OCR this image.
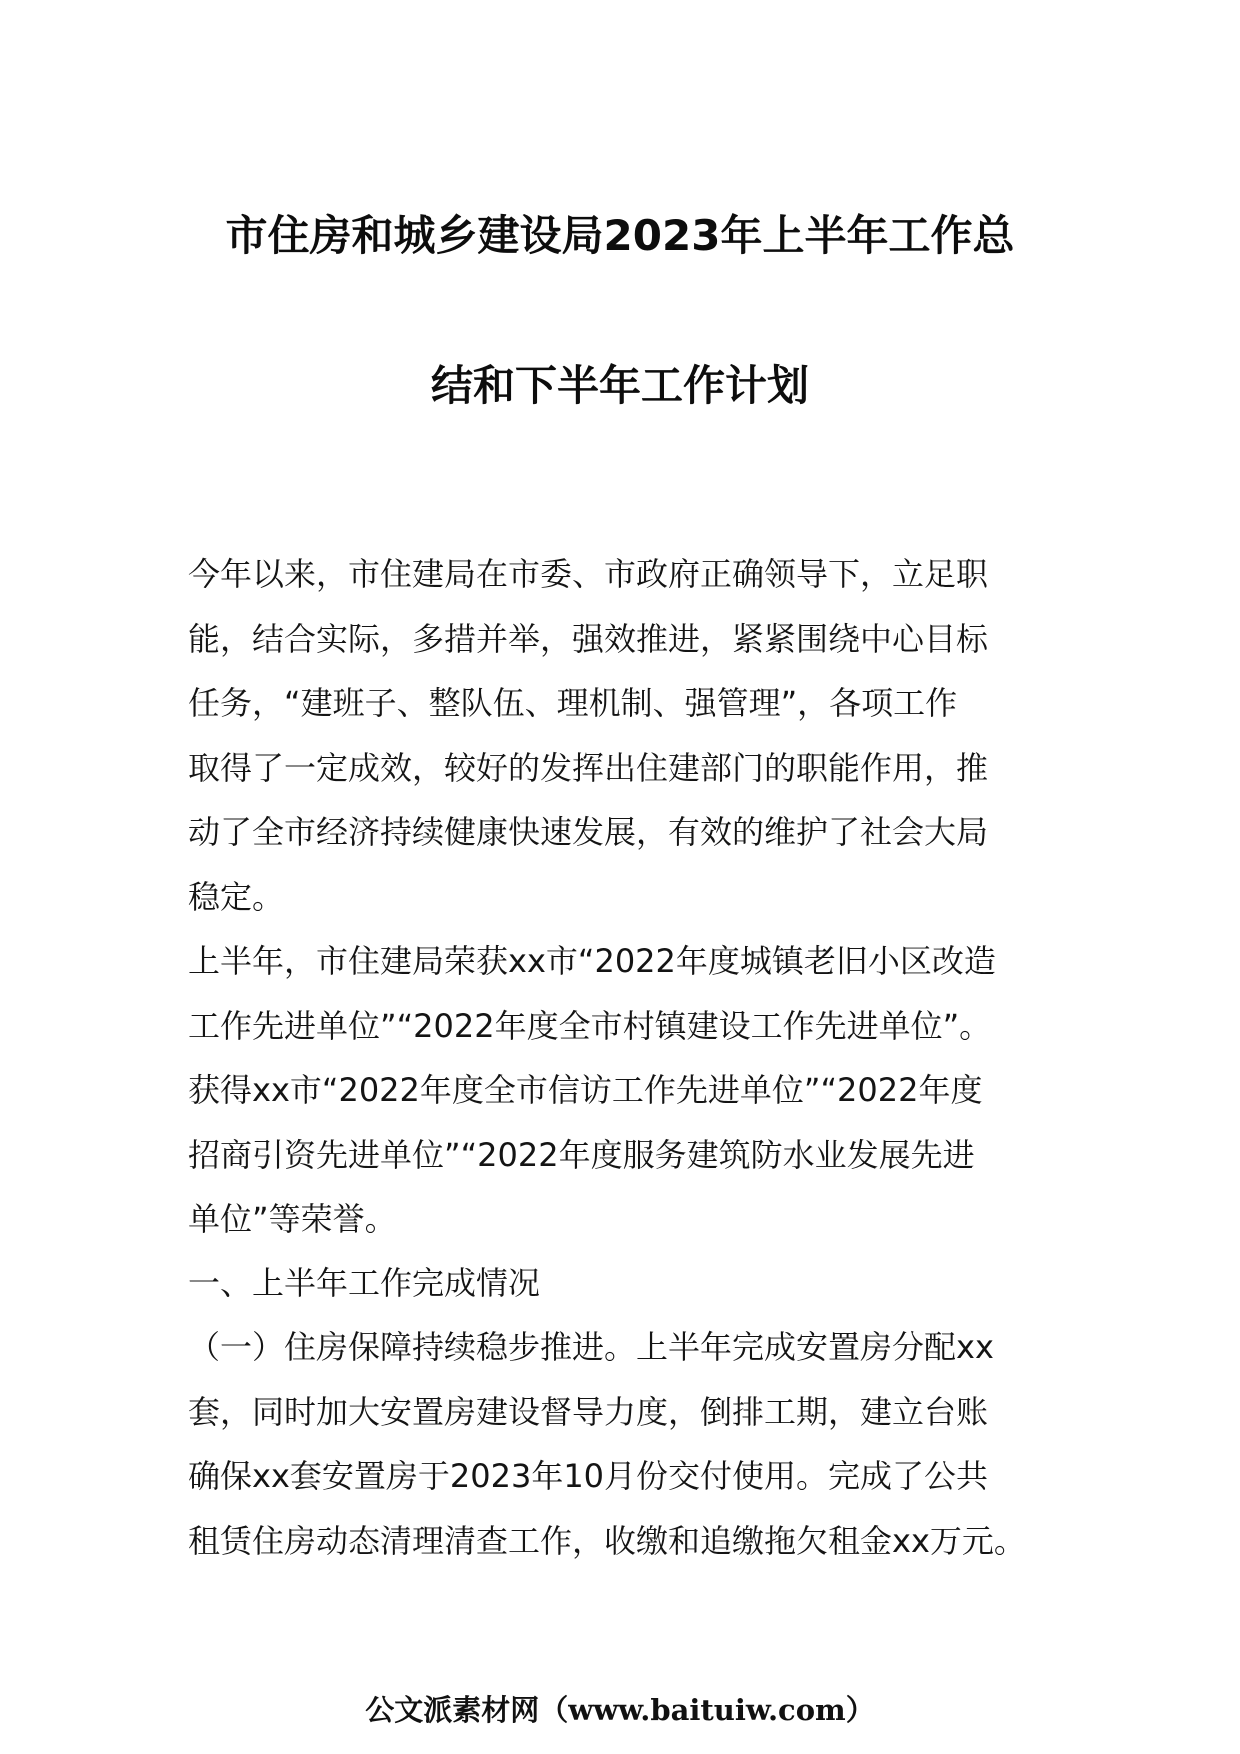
市住房和城乡建设局2023年上半年工作总
结和下半年工作计划
今年以来，市住建局在市委、市政府正确领导下，立足职
能，结合实际，多措并举，强效推进，紧紧围绕中心目标
任务，“建班子、整队伍、理机制、强管理”，各项工作
取得了一定成效，较好的发挥出住建部门的职能作用，推
动了全市经济持续健康快速发展，有效的维护了社会大局
稳定。
上半年，市住建局荣获xx市“2022年度城镇老旧小区改造
工作先进单位”“2022年度全市村镇建设工作先进单位”。
获得xx市“2022年度全市信访工作先进单位”“2022年度
招商引资先进单位”“2022年度服务建筑防水业发展先进
单位”等荣誉。
一、上半年工作完成情况
（一）住房保障持续稳步推进。上半年完成安置房分配xx
套，同时加大安置房建设督导力度，倒排工期，建立台账
确保xx套安置房于2023年10月份交付使用。完成了公共
租赁住房动态清理清查工作，收缴和追缴拖欠租金xx万元。
公文派素材网（www.baituiw.com）
